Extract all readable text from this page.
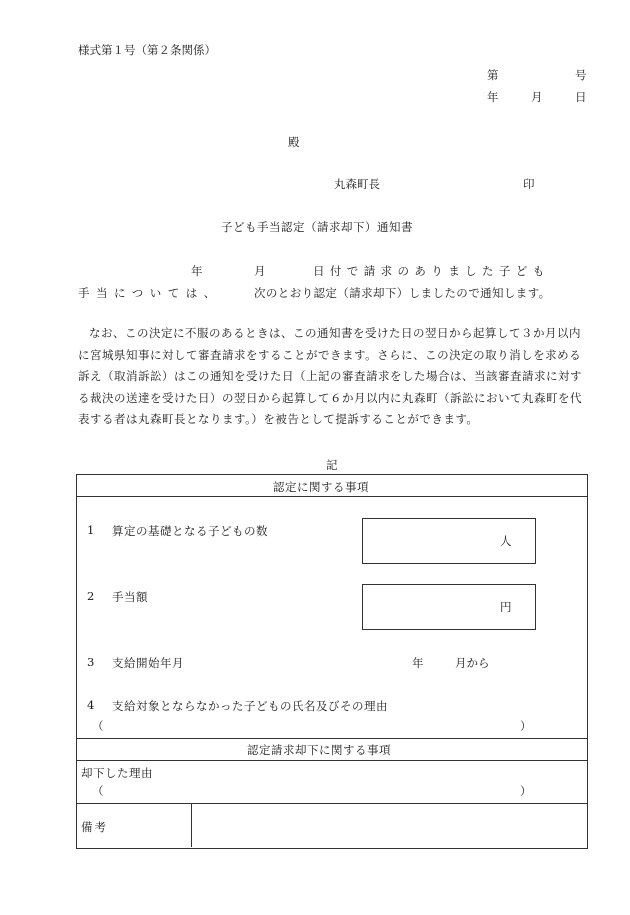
様式第１号（第２条関係）
第	号
年	月	日
殿
丸森町長	印
子ども手当認定（請求却下）通知書
年	月	日付で請求のありました子ども
手当については、	次のとおり認定（請求却下）しましたので通知します。
なお、この決定に不服のあるときは、この通知書を受けた日の翌日から起算して３か月以内に宮城県知事に対して審査請求をすることができます。さらに、この決定の取り消しを求める訴え（取消訴訟）はこの通知を受けた日（上記の審査請求をした場合は、当該審査請求に対する裁決の送達を受けた日）の翌日から起算して６か月以内に丸森町（訴訟において丸森町を代表する者は丸森町長となります。）を被告として提訴することができます。
記
認定に関する事項
1 算定の基礎となる子どもの数
人
2 手当額
円
3 支給開始年月	年	月から
4 支給対象とならなかった子どもの氏名及びその理由
（	）
認定請求却下に関する事項
却下した理由
（	）
備考
